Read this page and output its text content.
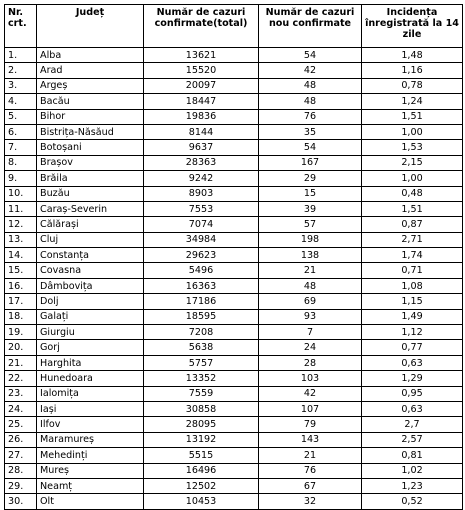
Nr. crt.	Județ	Număr de cazuri confirmate(total)	Număr de cazuri nou confirmate	Incidența înregistrată la 14 zile
1.	Alba	13621	54	1,48
2.	Arad	15520	42	1,16
3.	Argeș	20097	48	0,78
4.	Bacău	18447	48	1,24
5.	Bihor	19836	76	1,51
6.	Bistrița-Năsăud	8144	35	1,00
7.	Botoșani	9637	54	1,53
8.	Brașov	28363	167	2,15
9.	Brăila	9242	29	1,00
10.	Buzău	8903	15	0,48
11.	Caraș-Severin	7553	39	1,51
12.	Călărași	7074	57	0,87
13.	Cluj	34984	198	2,71
14.	Constanța	29623	138	1,74
15.	Covasna	5496	21	0,71
16.	Dâmbovița	16363	48	1,08
17.	Dolj	17186	69	1,15
18.	Galați	18595	93	1,49
19.	Giurgiu	7208	7	1,12
20.	Gorj	5638	24	0,77
21.	Harghita	5757	28	0,63
22.	Hunedoara	13352	103	1,29
23.	Ialomița	7559	42	0,95
24.	Iași	30858	107	0,63
25.	Ilfov	28095	79	2,7
26.	Maramureș	13192	143	2,57
27.	Mehedinți	5515	21	0,81
28.	Mureș	16496	76	1,02
29.	Neamț	12502	67	1,23
30.	Olt	10453	32	0,52
